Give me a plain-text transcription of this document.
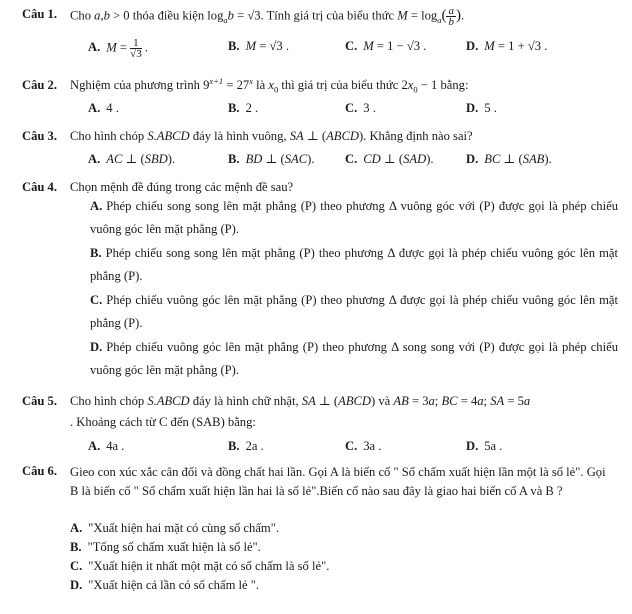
Câu 1. Cho a,b > 0 thỏa điều kiện $\log_ab = √3$. Tính giá trị của biểu thức $M = \log_a( \frac{a}{b}$ ).
A. $M = \frac{1}{√3}$ .	B. M = √3 .	C. M = 1 − √3 .	D. M = 1 + √3 .
Câu 2. Nghiệm của phương trình $9^{x+1} = 27^x$ là $x_0$ thì giá trị của biểu thức $2x_0 - 1$ bằng:
A. 4 .	B. 2 .	C. 3 .	D. 5 .
Câu 3. Cho hình chóp S.ABCD đáy là hình vuông, SA ⊥ (ABCD). Khẳng định nào sai?
A. AC ⊥ (SBD).	B. BD ⊥ (SAC). C. CD ⊥ (SAD).	D. BC ⊥ (SAB).
Câu 4. Chọn mệnh đề đúng trong các mệnh đề sau?
A. Phép chiếu song song lên mặt phẳng (P) theo phương Δ vuông góc với (P) được gọi là phép chiếu vuông góc lên mặt phẳng (P).
B. Phép chiếu song song lên mặt phẳng (P) theo phương Δ được gọi là phép chiếu vuông góc lên mặt phẳng (P).
C. Phép chiếu vuông góc lên mặt phẳng (P) theo phương Δ được gọi là phép chiếu vuông góc lên mặt phẳng (P).
D. Phép chiếu vuông góc lên mặt phẳng (P) theo phương Δ song song với (P) được gọi là phép chiếu vuông góc lên mặt phẳng (P).
Câu 5. Cho hình chóp S.ABCD đáy là hình chữ nhật, SA ⊥ (ABCD) và AB = 3a; BC = 4a; SA = 5a
. Khoảng cách từ C đến (SAB) bằng:
A. 4a .	B. 2a .	C. 3a .	D. 5a .
Câu 6. Gieo con xúc xắc cân đối và đồng chất hai lần. Gọi A là biến cố " Số chấm xuất hiện lần một là số lẻ". Gọi B là biến cố " Số chấm xuất hiện lần hai là số lẻ".Biến cố nào sau đây là giao hai biến cố A và B ?
A. "Xuất hiện hai mặt có cùng số chấm".
B. "Tổng số chấm xuất hiện là số lẻ".
C. "Xuất hiện it nhất một mặt có số chấm là số lẻ".
D. "Xuất hiện cả lần có số chấm lẻ ".
